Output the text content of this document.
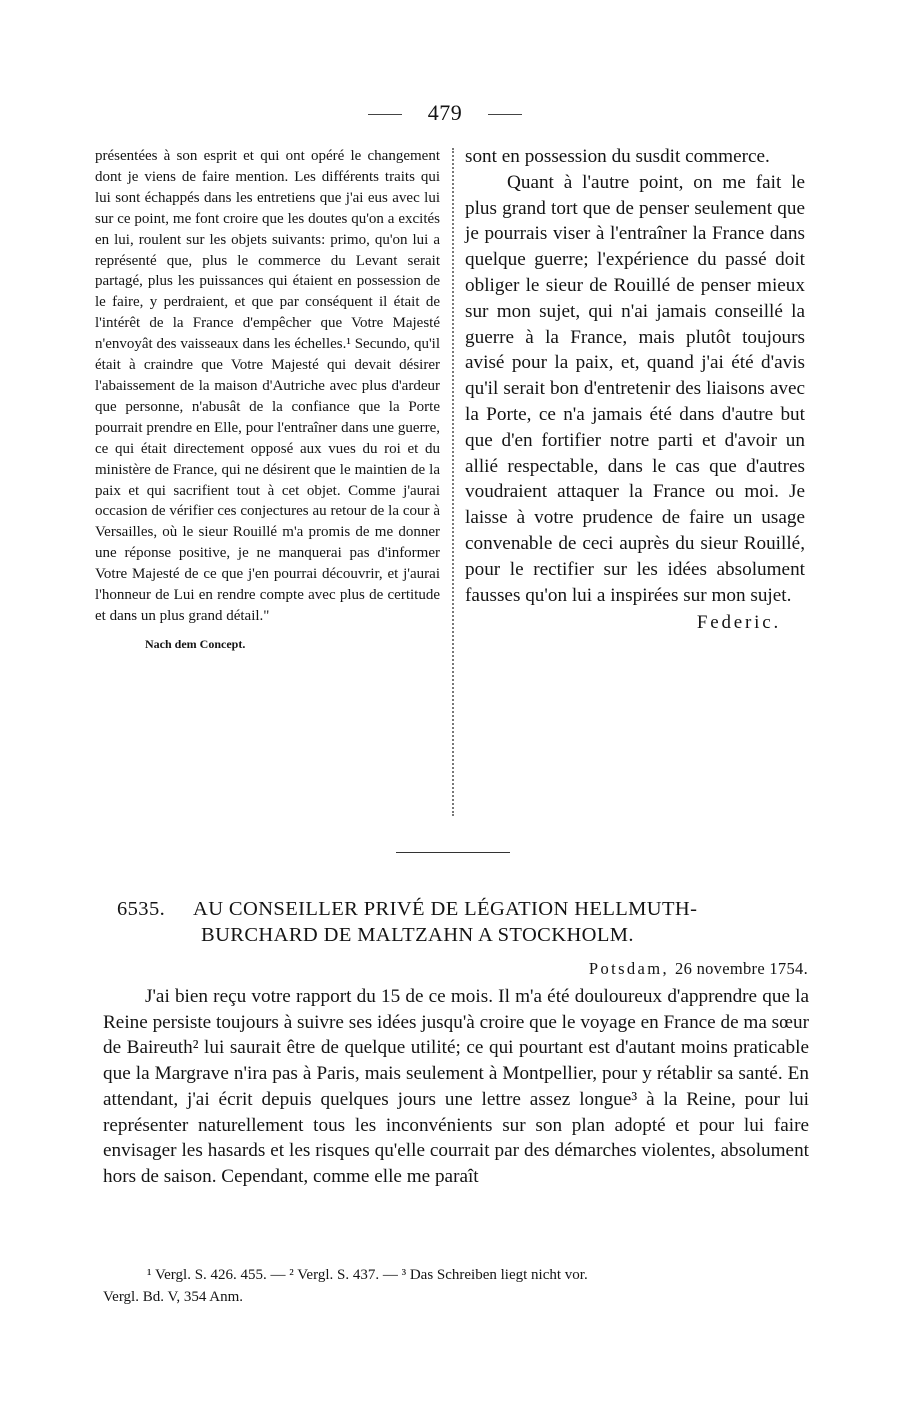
479

présentées à son esprit et qui ont opéré le changement dont je viens de faire mention. Les différents traits qui lui sont échappés dans les entretiens que j'ai eus avec lui sur ce point, me font croire que les doutes qu'on a excités en lui, roulent sur les objets suivants: primo, qu'on lui a représenté que, plus le commerce du Levant serait partagé, plus les puissances qui étaient en possession de le faire, y perdraient, et que par conséquent il était de l'intérêt de la France d'empêcher que Votre Majesté n'envoyât des vaisseaux dans les échelles.¹ Secundo, qu'il était à craindre que Votre Majesté qui devait désirer l'abaissement de la maison d'Autriche avec plus d'ardeur que personne, n'abusât de la confiance que la Porte pourrait prendre en Elle, pour l'entraîner dans une guerre, ce qui était directement opposé aux vues du roi et du ministère de France, qui ne désirent que le maintien de la paix et qui sacrifient tout à cet objet. Comme j'aurai occasion de vérifier ces conjectures au retour de la cour à Versailles, où le sieur Rouillé m'a promis de me donner une réponse positive, je ne manquerai pas d'informer Votre Majesté de ce que j'en pourrai découvrir, et j'aurai l'honneur de Lui en rendre compte avec plus de certitude et dans un plus grand détail."

Nach dem Concept.

sont en possession du susdit commerce.

Quant à l'autre point, on me fait le plus grand tort que de penser seulement que je pourrais viser à l'entraîner la France dans quelque guerre; l'expérience du passé doit obliger le sieur de Rouillé de penser mieux sur mon sujet, qui n'ai jamais conseillé la guerre à la France, mais plutôt toujours avisé pour la paix, et, quand j'ai été d'avis qu'il serait bon d'entretenir des liaisons avec la Porte, ce n'a jamais été dans d'autre but que d'en fortifier notre parti et d'avoir un allié respectable, dans le cas que d'autres voudraient attaquer la France ou moi. Je laisse à votre prudence de faire un usage convenable de ceci auprès du sieur Rouillé, pour le rectifier sur les idées absolument fausses qu'on lui a inspirées sur mon sujet.

Federic.
6535. AU CONSEILLER PRIVÉ DE LÉGATION HELLMUTH-
BURCHARD DE MALTZAHN A STOCKHOLM.
Potsdam, 26 novembre 1754.

J'ai bien reçu votre rapport du 15 de ce mois. Il m'a été douloureux d'apprendre que la Reine persiste toujours à suivre ses idées jusqu'à croire que le voyage en France de ma sœur de Baireuth² lui saurait être de quelque utilité; ce qui pourtant est d'autant moins praticable que la Margrave n'ira pas à Paris, mais seulement à Montpellier, pour y rétablir sa santé. En attendant, j'ai écrit depuis quelques jours une lettre assez longue³ à la Reine, pour lui représenter naturellement tous les inconvénients sur son plan adopté et pour lui faire envisager les hasards et les risques qu'elle courrait par des démarches violentes, absolument hors de saison. Cependant, comme elle me paraît

¹ Vergl. S. 426. 455. — ² Vergl. S. 437. — ³ Das Schreiben liegt nicht vor.
Vergl. Bd. V, 354 Anm.
